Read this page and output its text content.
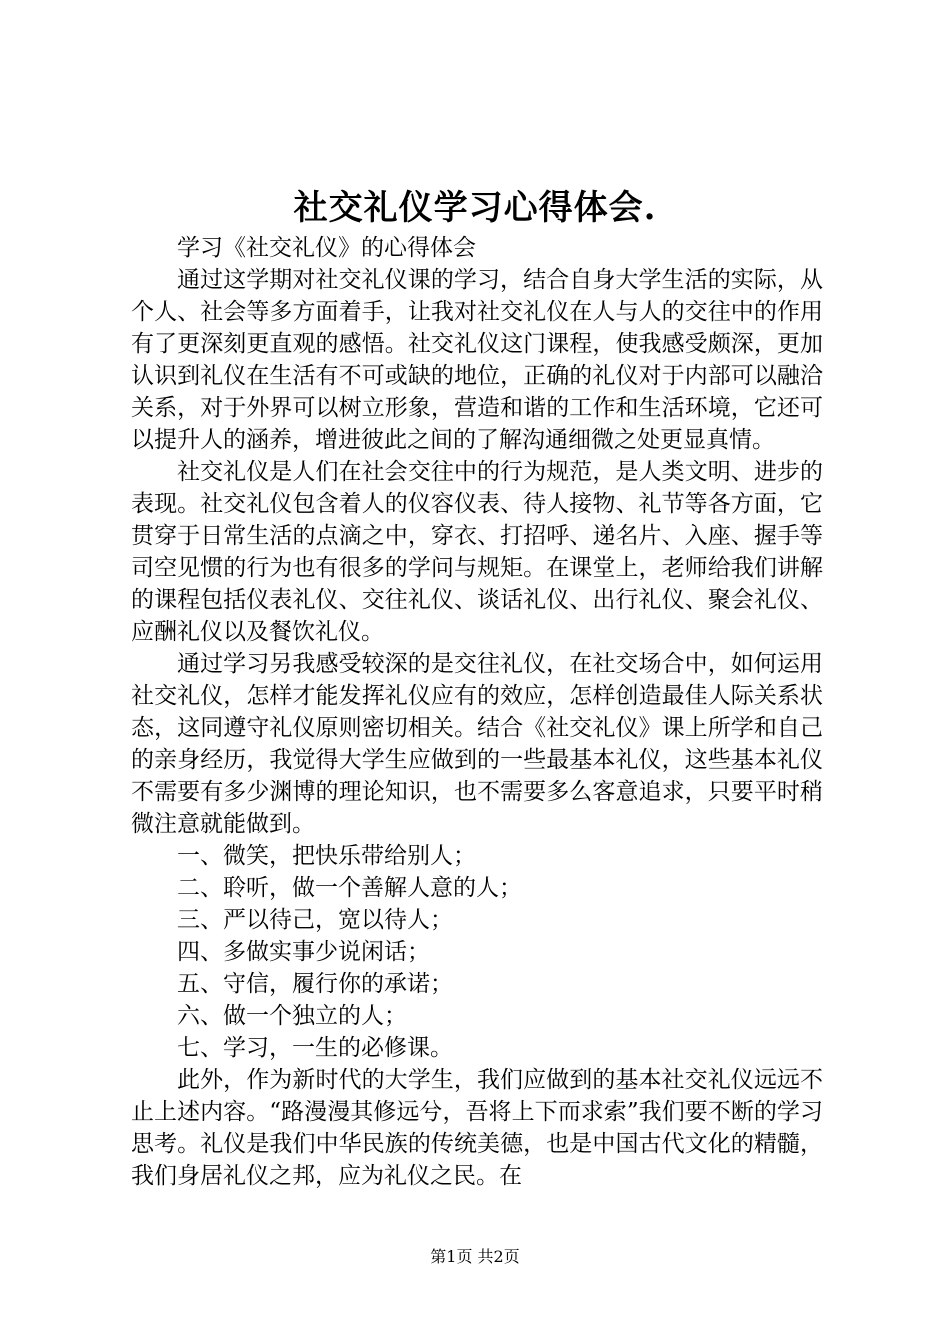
社交礼仪学习心得体会.

学习《社交礼仪》的心得体会

通过这学期对社交礼仪课的学习，结合自身大学生活的实际，从个人、社会等多方面着手，让我对社交礼仪在人与人的交往中的作用有了更深刻更直观的感悟。社交礼仪这门课程，使我感受颇深，更加认识到礼仪在生活有不可或缺的地位，正确的礼仪对于内部可以融洽关系，对于外界可以树立形象，营造和谐的工作和生活环境，它还可以提升人的涵养，增进彼此之间的了解沟通细微之处更显真情。

社交礼仪是人们在社会交往中的行为规范，是人类文明、进步的表现。社交礼仪包含着人的仪容仪表、待人接物、礼节等各方面，它贯穿于日常生活的点滴之中，穿衣、打招呼、递名片、入座、握手等司空见惯的行为也有很多的学问与规矩。在课堂上，老师给我们讲解的课程包括仪表礼仪、交往礼仪、谈话礼仪、出行礼仪、聚会礼仪、应酬礼仪以及餐饮礼仪。

通过学习另我感受较深的是交往礼仪，在社交场合中，如何运用社交礼仪，怎样才能发挥礼仪应有的效应，怎样创造最佳人际关系状态，这同遵守礼仪原则密切相关。结合《社交礼仪》课上所学和自己的亲身经历，我觉得大学生应做到的一些最基本礼仪，这些基本礼仪不需要有多少渊博的理论知识，也不需要多么客意追求，只要平时稍微注意就能做到。

一、微笑，把快乐带给别人；

二、聆听，做一个善解人意的人；

三、严以待己，宽以待人；

四、多做实事少说闲话；

五、守信，履行你的承诺；

六、做一个独立的人；

七、学习，一生的必修课。

此外，作为新时代的大学生，我们应做到的基本社交礼仪远远不止上述内容。“路漫漫其修远兮，吾将上下而求索”我们要不断的学习思考。礼仪是我们中华民族的传统美德，也是中国古代文化的精髓，我们身居礼仪之邦，应为礼仪之民。在

第1页 共2页
